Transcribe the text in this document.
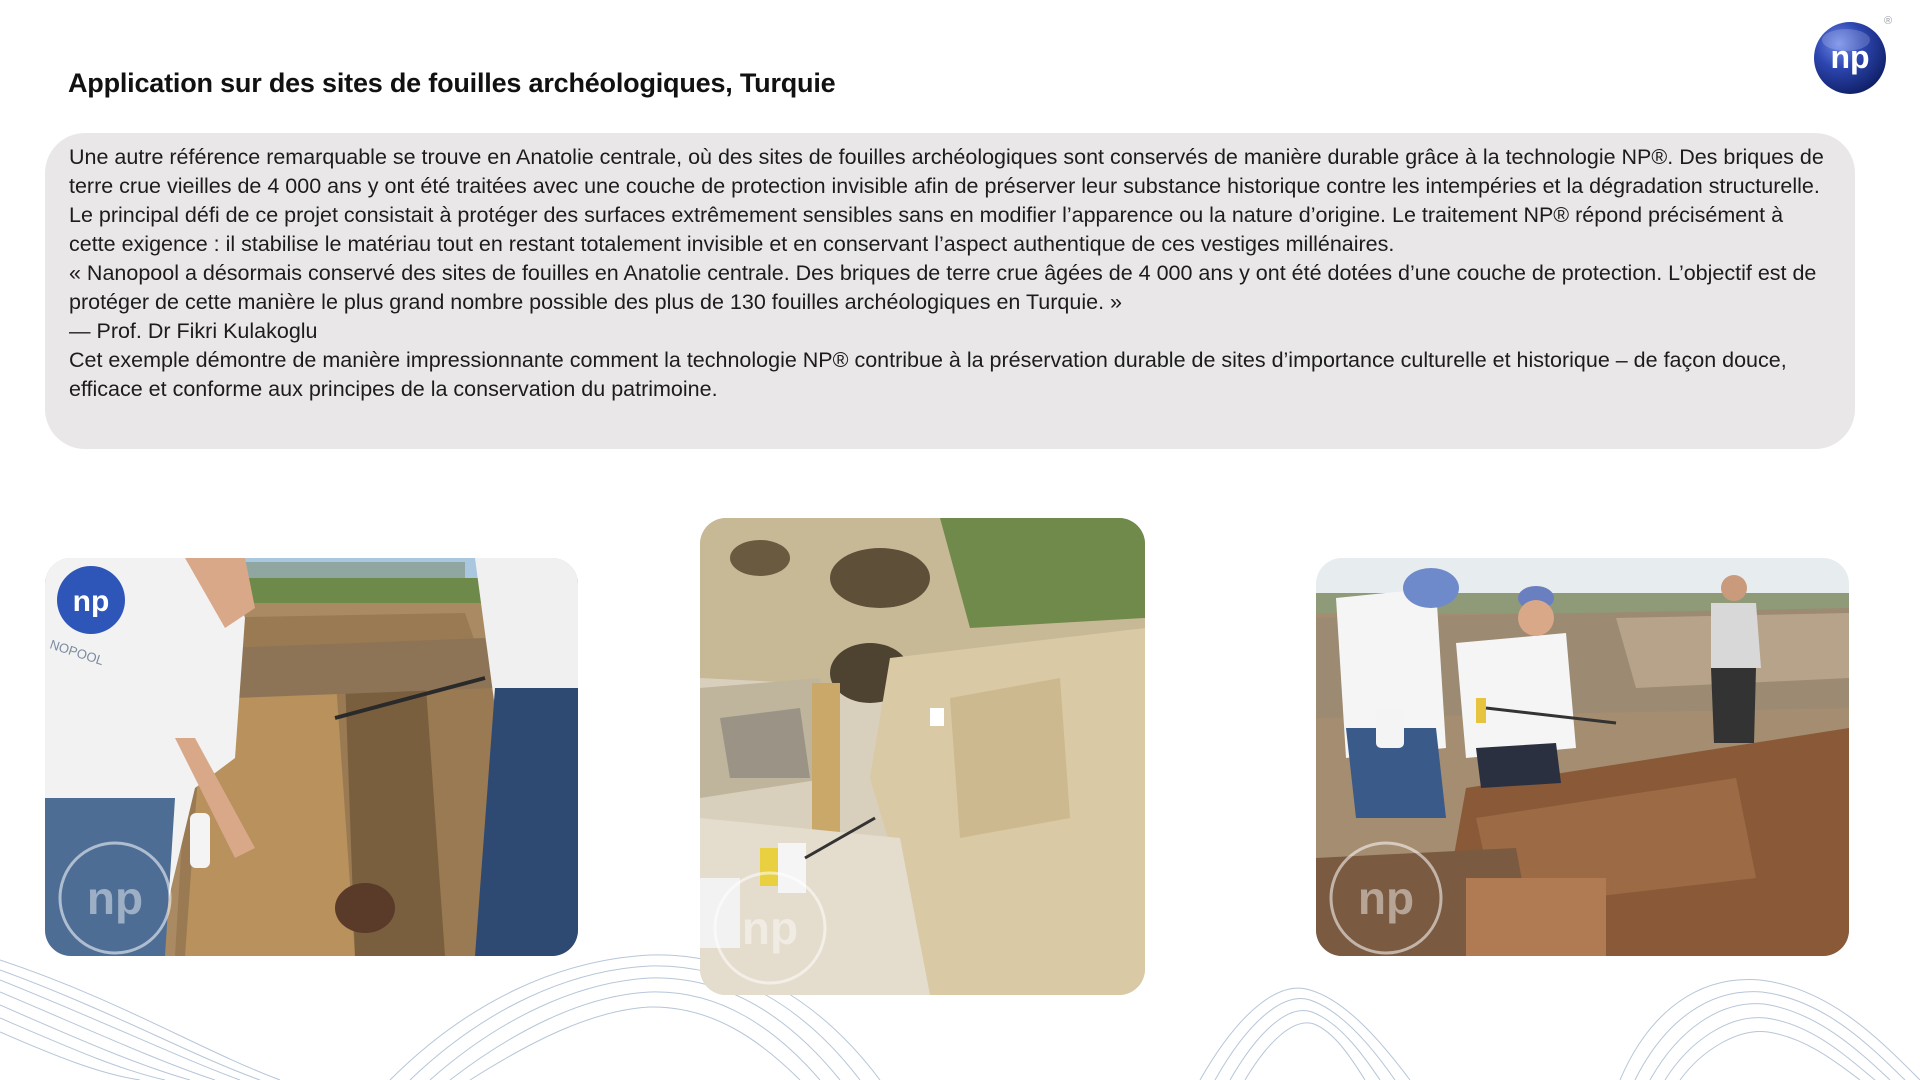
np
®
Application sur des sites de fouilles archéologiques, Turquie

Une autre référence remarquable se trouve en Anatolie centrale, où des sites de fouilles archéologiques sont conservés de manière durable grâce à la technologie NP®. Des briques de terre crue vieilles de 4 000 ans y ont été traitées avec une couche de protection invisible afin de préserver leur substance historique contre les intempéries et la dégradation structurelle.

Le principal défi de ce projet consistait à protéger des surfaces extrêmement sensibles sans en modifier l’apparence ou la nature d’origine. Le traitement NP® répond précisément à cette exigence : il stabilise le matériau tout en restant totalement invisible et en conservant l’aspect authentique de ces vestiges millénaires.

« Nanopool a désormais conservé des sites de fouilles en Anatolie centrale. Des briques de terre crue âgées de 4 000 ans y ont été dotées d’une couche de protection. L’objectif est de protéger de cette manière le plus grand nombre possible des plus de 130 fouilles archéologiques en Turquie. »

— Prof. Dr Fikri Kulakoglu

Cet exemple démontre de manière impressionnante comment la technologie NP® contribue à la préservation durable de sites d’importance culturelle et historique – de façon douce, efficace et conforme aux principes de la conservation du patrimoine.

np
NOPOOL
np
np
np
